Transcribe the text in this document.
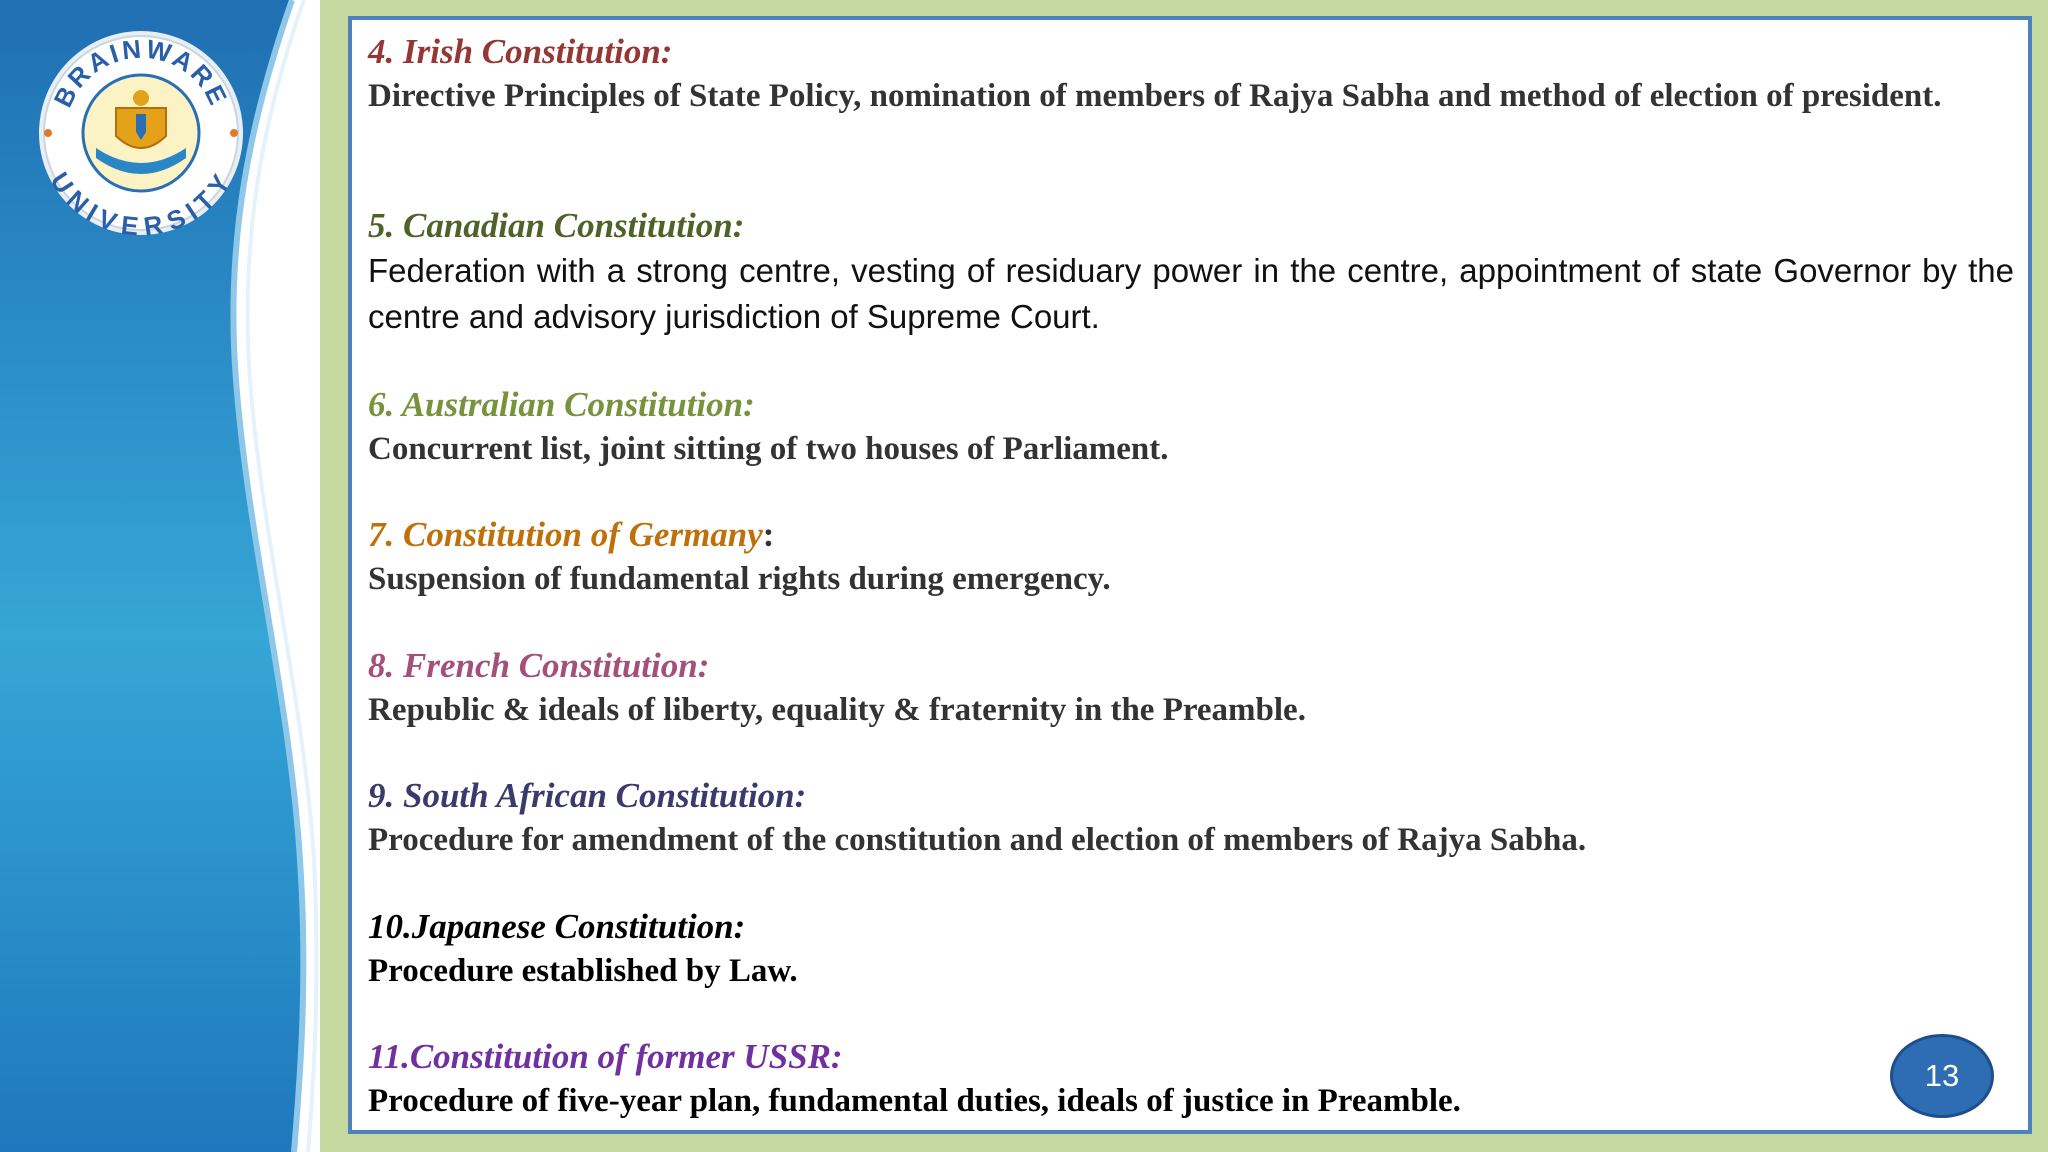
BRAINWARE
UNIVERSITY

4. Irish Constitution:

Directive Principles of State Policy, nomination of members of Rajya Sabha and method of election of president.

5. Canadian Constitution:

Federation with a strong centre, vesting of residuary power in the centre, appointment of state Governor by the centre and advisory jurisdiction of Supreme Court.

6. Australian Constitution:

Concurrent list, joint sitting of two houses of Parliament.

7. Constitution of Germany:

Suspension of fundamental rights during emergency.

8. French Constitution:

Republic & ideals of liberty, equality & fraternity in the Preamble.

9. South African Constitution:

Procedure for amendment of the constitution and election of members of Rajya Sabha.

10.Japanese Constitution:

Procedure established by Law.

11.Constitution of former USSR:

Procedure of five-year plan, fundamental duties, ideals of justice in Preamble.

13
